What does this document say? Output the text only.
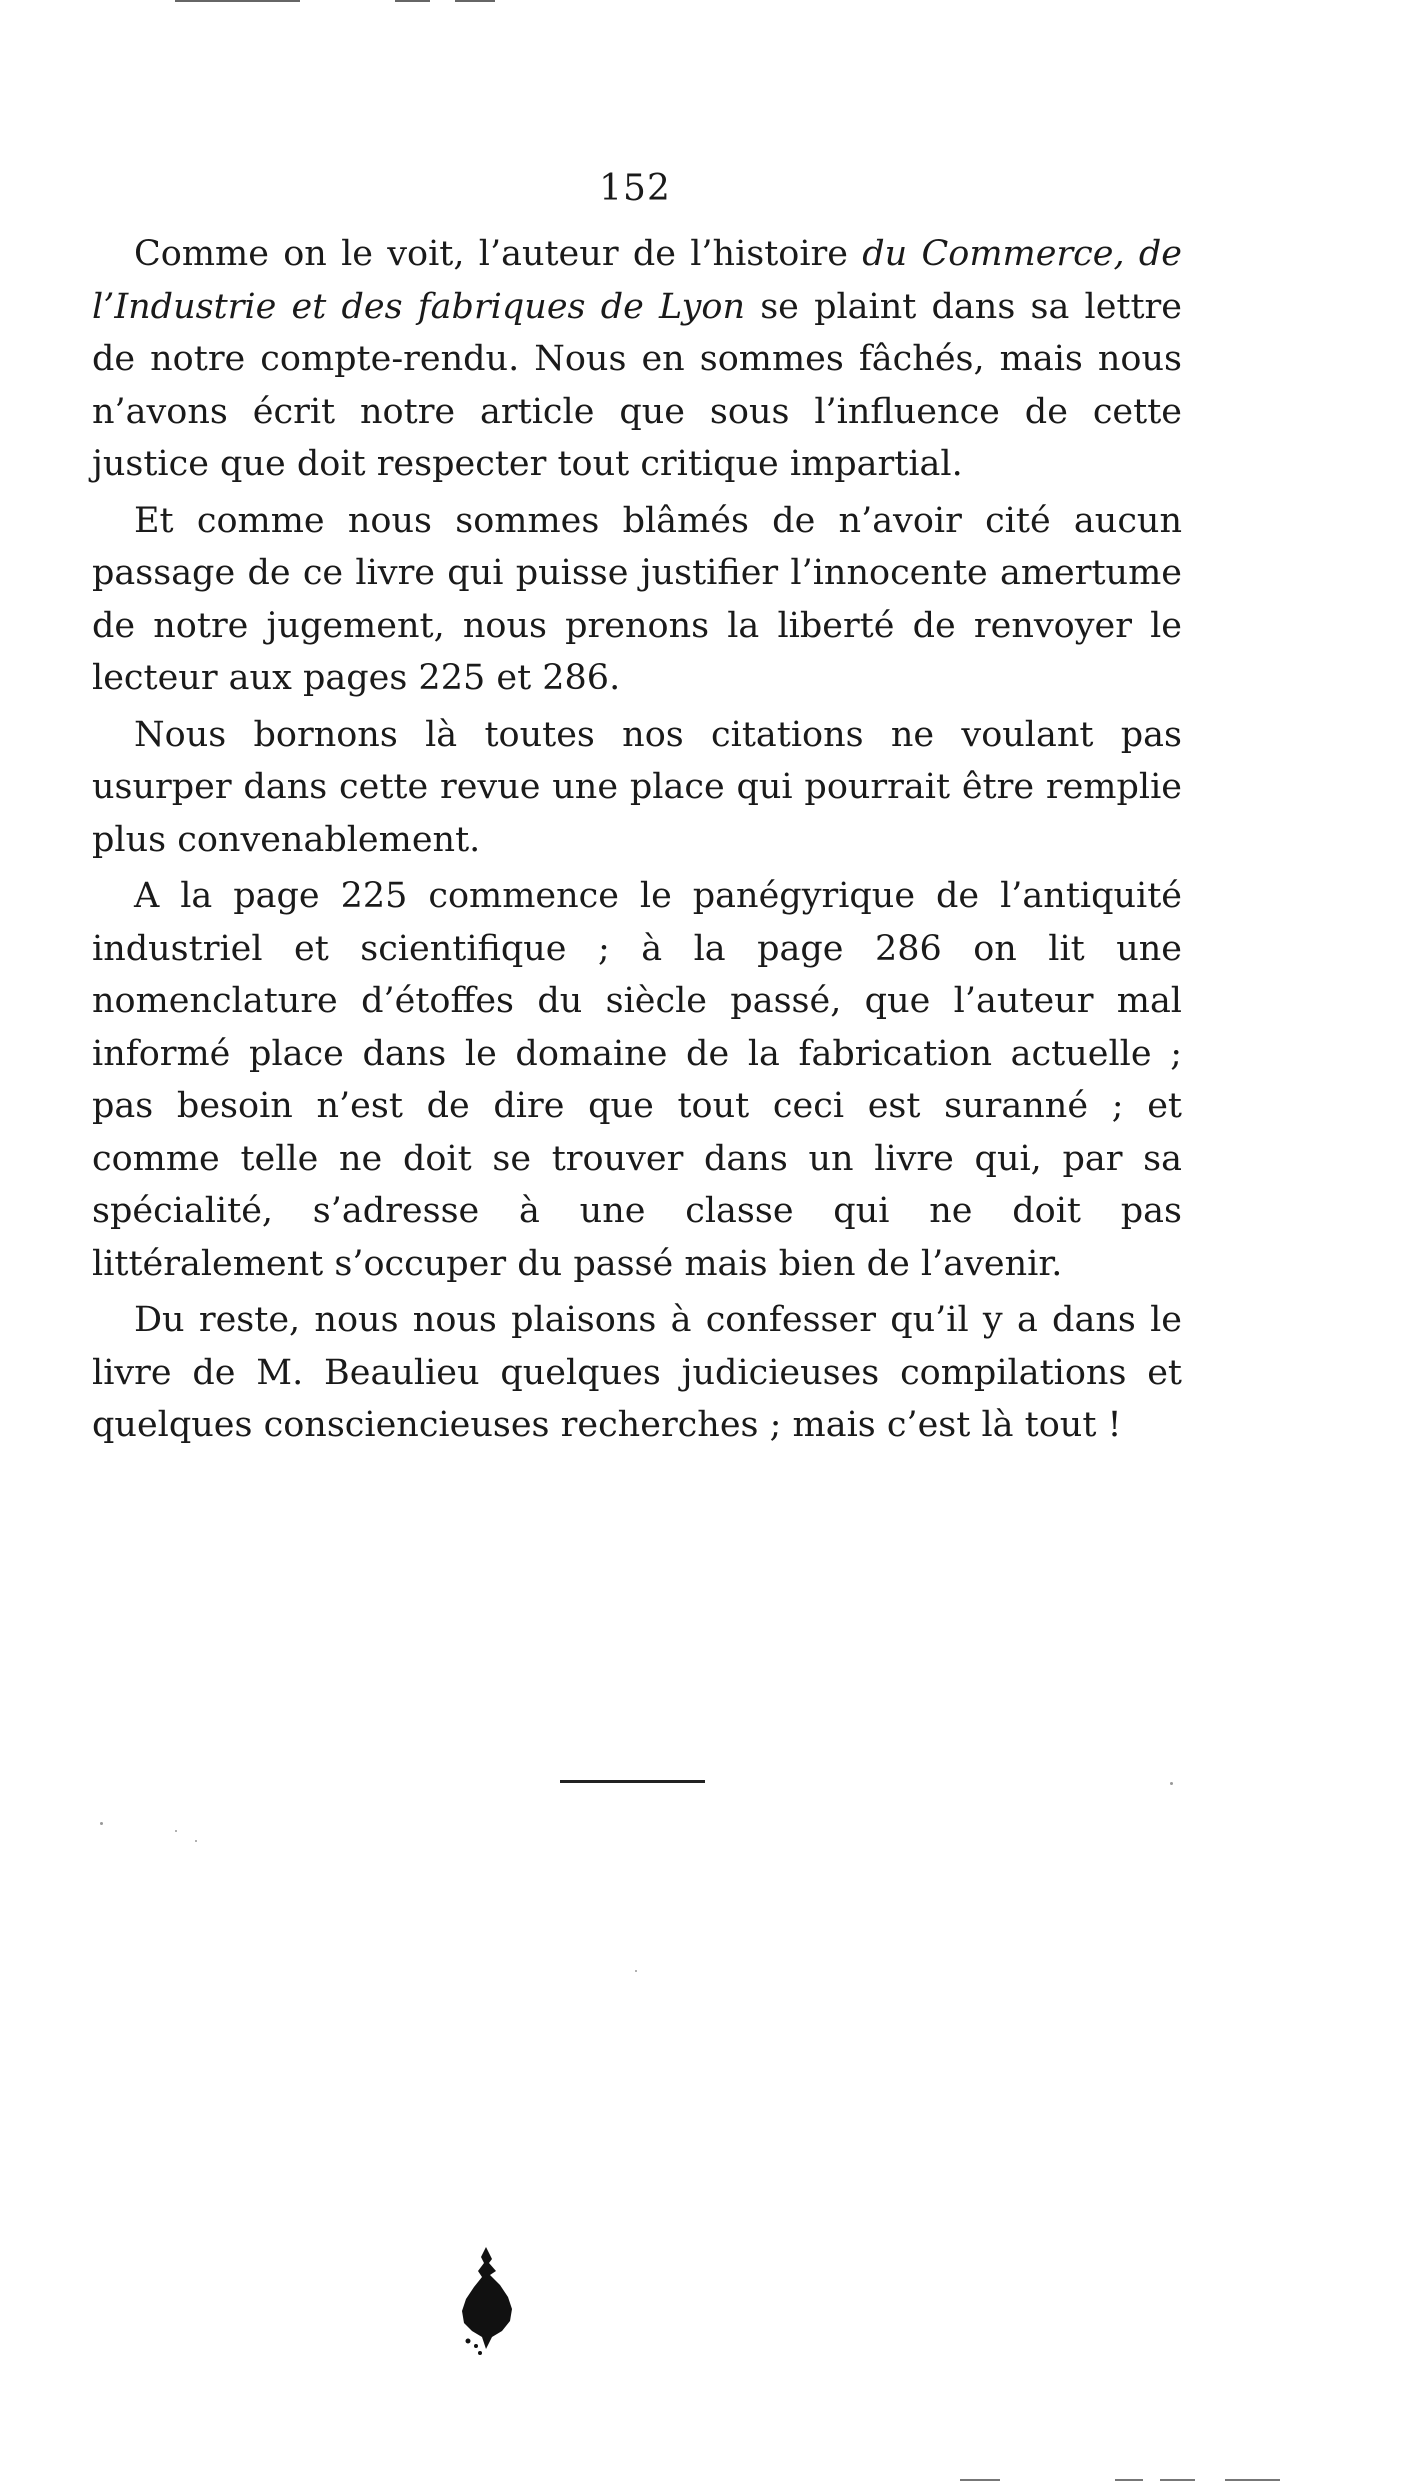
152

Comme on le voit, l’auteur de l’histoire du Commerce, de l’Industrie et des fabriques de Lyon se plaint dans sa lettre de notre compte-rendu. Nous en sommes fâchés, mais nous n’avons écrit notre article que sous l’influence de cette justice que doit respecter tout critique impartial.

Et comme nous sommes blâmés de n’avoir cité aucun passage de ce livre qui puisse justifier l’innocente amertume de notre jugement, nous prenons la liberté de renvoyer le lecteur aux pages 225 et 286.

Nous bornons là toutes nos citations ne voulant pas usurper dans cette revue une place qui pourrait être remplie plus convenablement.

A la page 225 commence le panégyrique de l’antiquité industriel et scientifique ; à la page 286 on lit une nomenclature d’étoffes du siècle passé, que l’auteur mal informé place dans le domaine de la fabrication actuelle ; pas besoin n’est de dire que tout ceci est suranné ; et comme telle ne doit se trouver dans un livre qui, par sa spécialité, s’adresse à une classe qui ne doit pas littéralement s’occuper du passé mais bien de l’avenir.

Du reste, nous nous plaisons à confesser qu’il y a dans le livre de M. Beaulieu quelques judicieuses compilations et quelques consciencieuses recherches ; mais c’est là tout !
